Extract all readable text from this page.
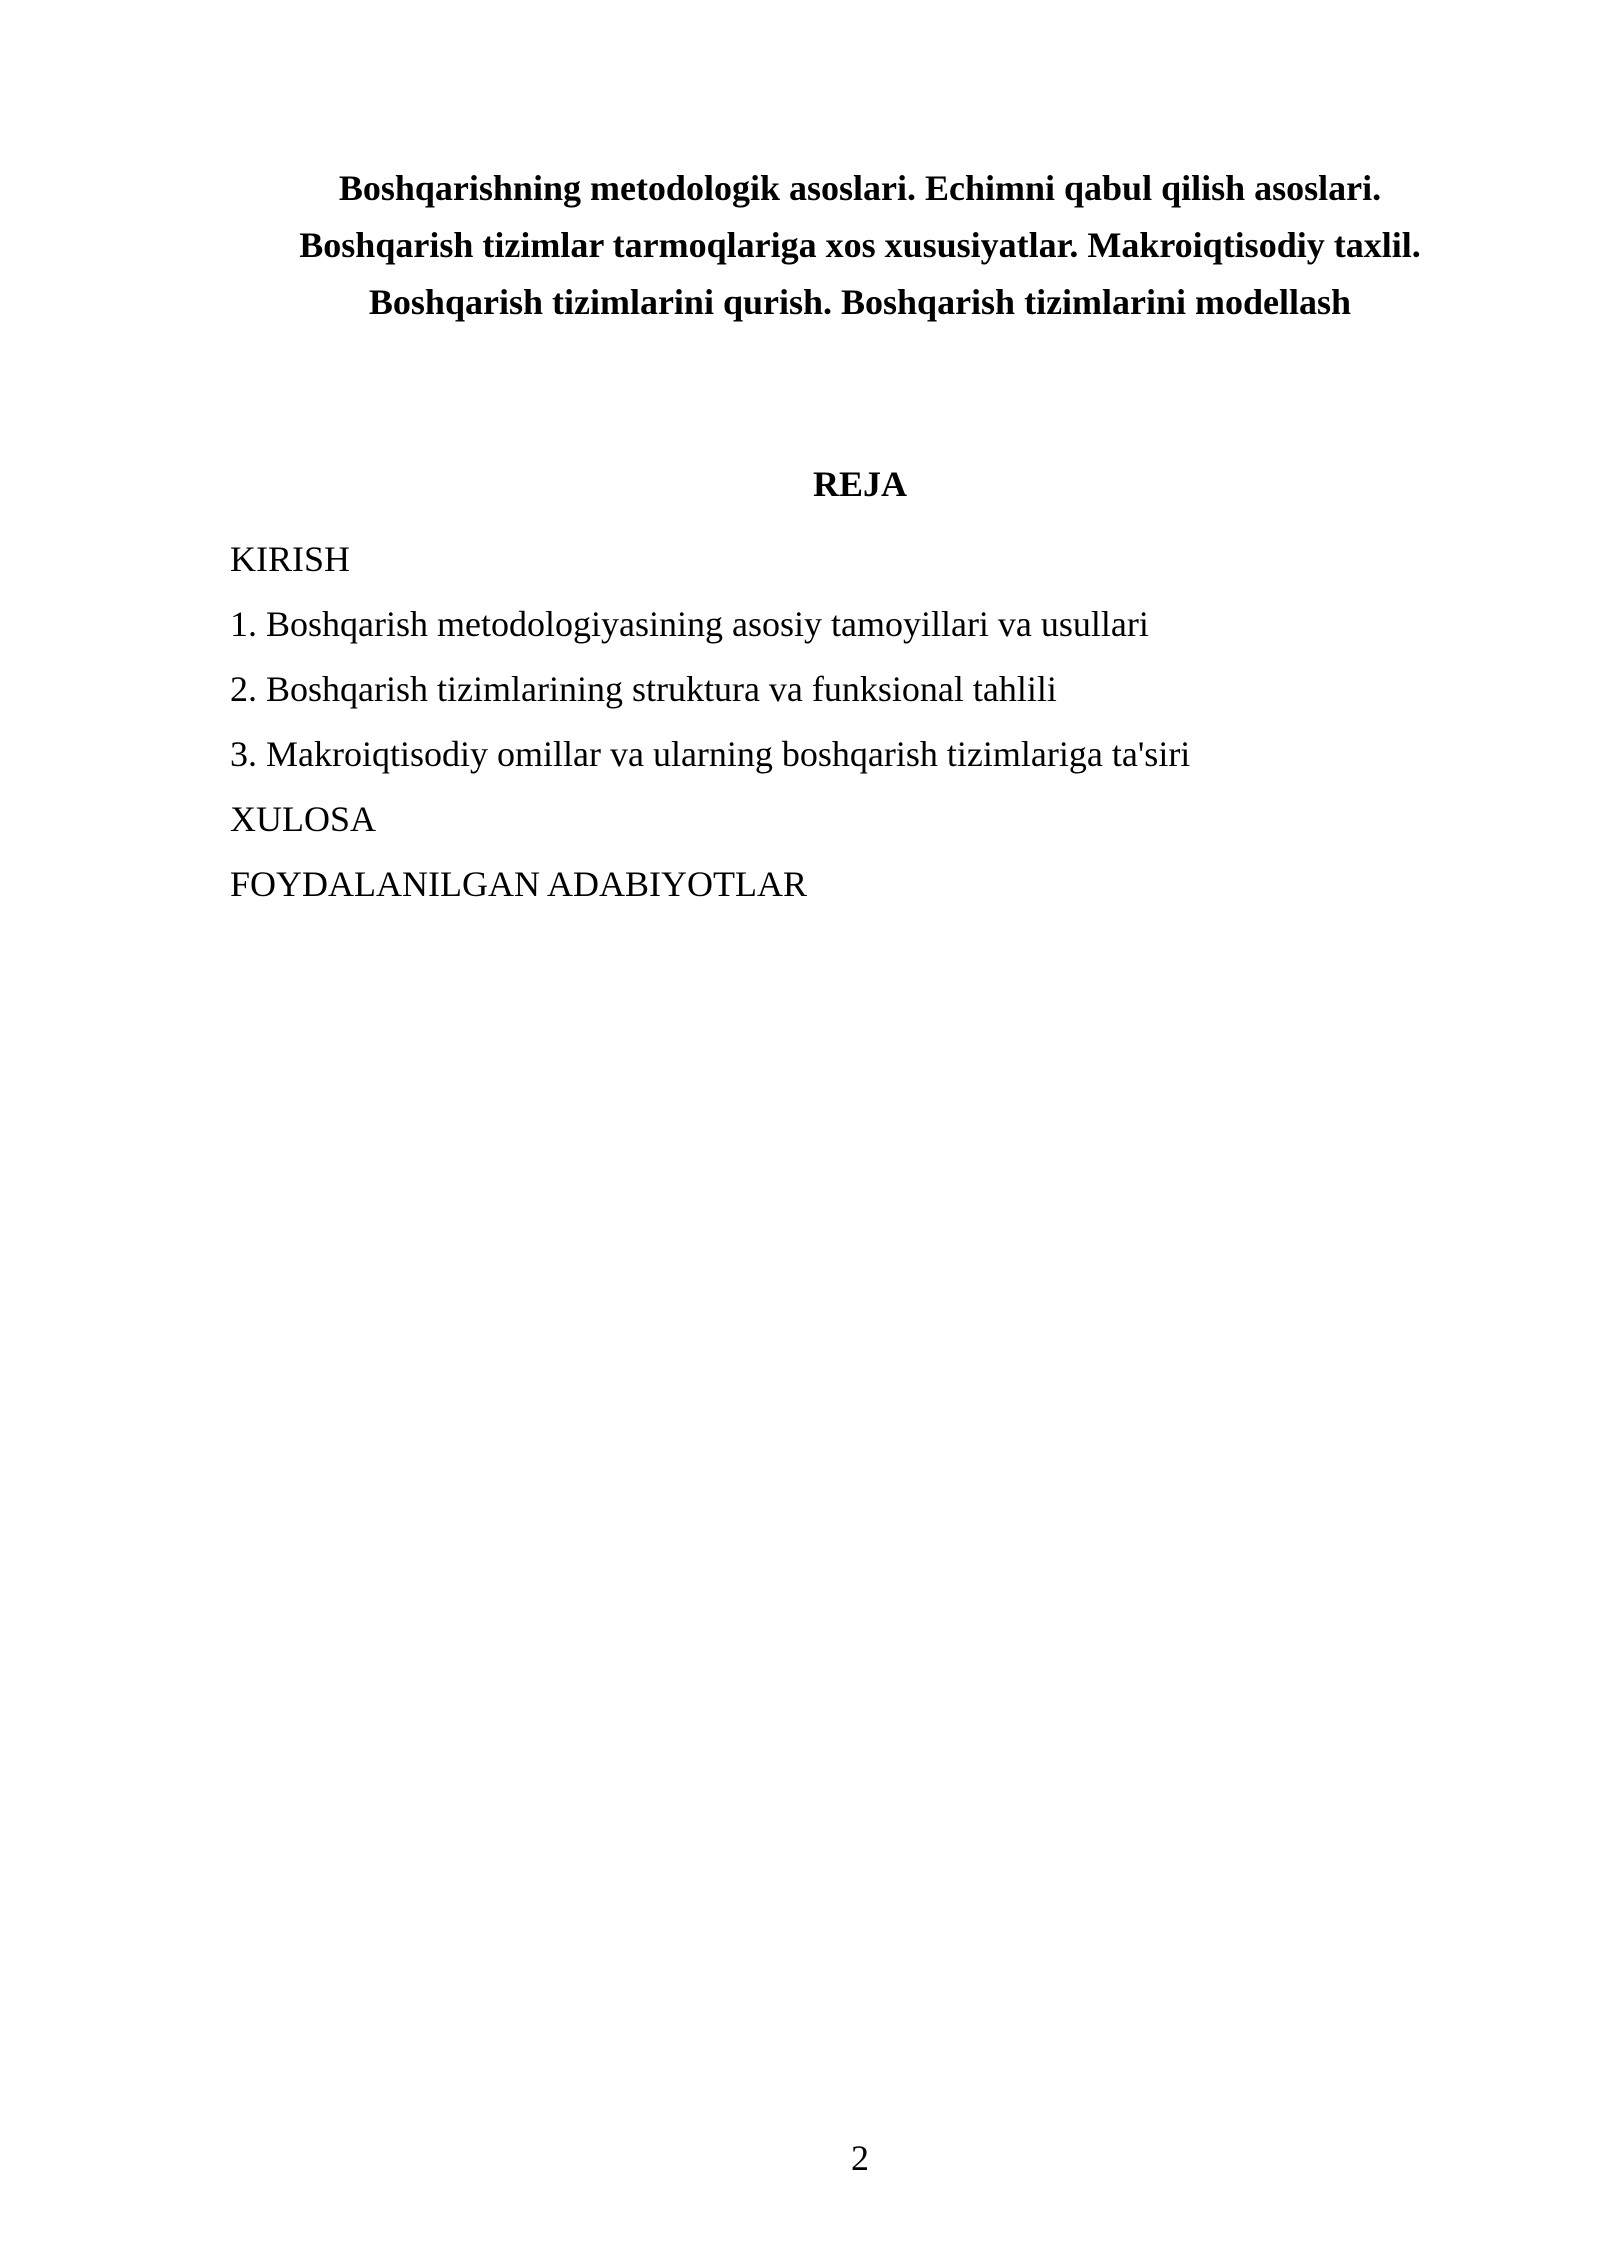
Boshqarishning metodologik asoslari. Echimni qabul qilish asoslari.
Boshqarish tizimlar tarmoqlariga xos xususiyatlar. Makroiqtisodiy taxlil.
Boshqarish tizimlarini qurish. Boshqarish tizimlarini modellash
REJA
KIRISH
1. Boshqarish metodologiyasining asosiy tamoyillari va usullari
2. Boshqarish tizimlarining struktura va funksional tahlili
3. Makroiqtisodiy omillar va ularning boshqarish tizimlariga ta'siri
XULOSA
FOYDALANILGAN ADABIYOTLAR
2
